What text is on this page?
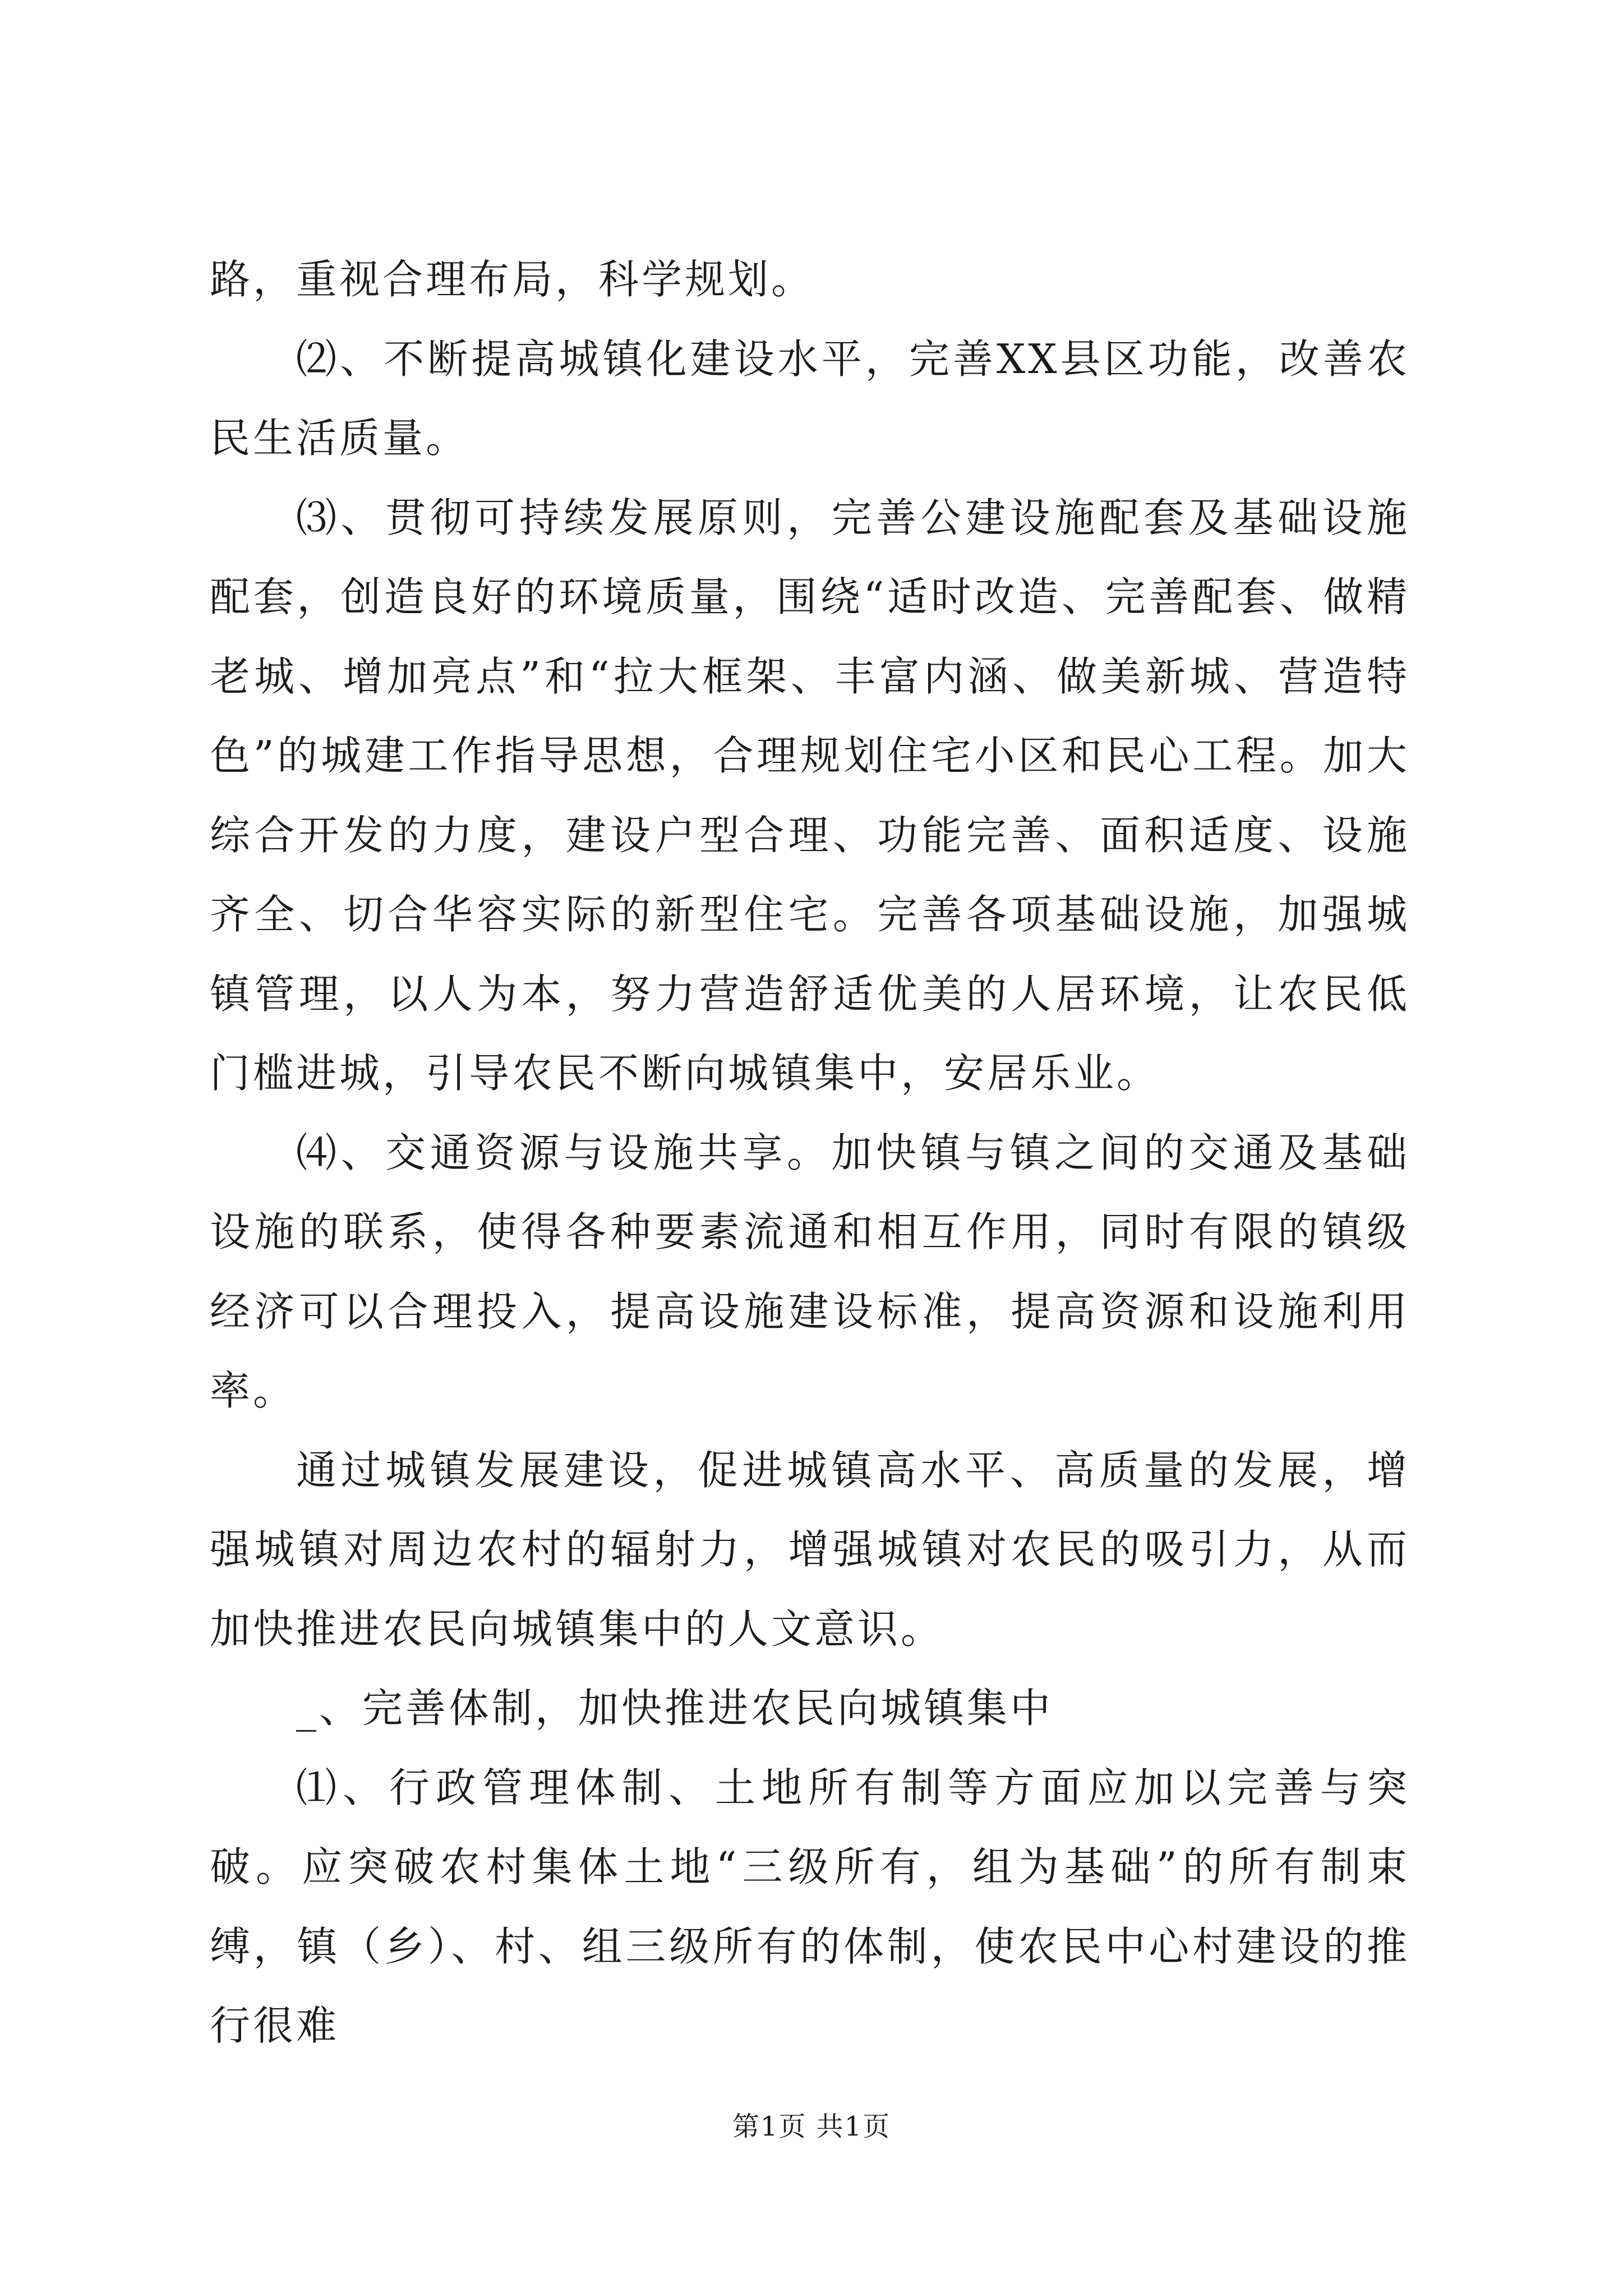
路，重视合理布局，科学规划。

⑵、不断提高城镇化建设水平，完善XX县区功能，改善农民生活质量。

⑶、贯彻可持续发展原则，完善公建设施配套及基础设施配套，创造良好的环境质量，围绕“适时改造、完善配套、做精老城、增加亮点”和“拉大框架、丰富内涵、做美新城、营造特色”的城建工作指导思想，合理规划住宅小区和民心工程。加大综合开发的力度，建设户型合理、功能完善、面积适度、设施齐全、切合华容实际的新型住宅。完善各项基础设施，加强城镇管理，以人为本，努力营造舒适优美的人居环境，让农民低门槛进城，引导农民不断向城镇集中，安居乐业。

⑷、交通资源与设施共享。加快镇与镇之间的交通及基础设施的联系，使得各种要素流通和相互作用，同时有限的镇级经济可以合理投入，提高设施建设标准，提高资源和设施利用率。

通过城镇发展建设，促进城镇高水平、高质量的发展，增强城镇对周边农村的辐射力，增强城镇对农民的吸引力，从而加快推进农民向城镇集中的人文意识。

_、完善体制，加快推进农民向城镇集中

⑴、行政管理体制、土地所有制等方面应加以完善与突破。应突破农村集体土地“三级所有，组为基础”的所有制束缚，镇（乡）、村、组三级所有的体制，使农民中心村建设的推行很难

第1页 共1页
